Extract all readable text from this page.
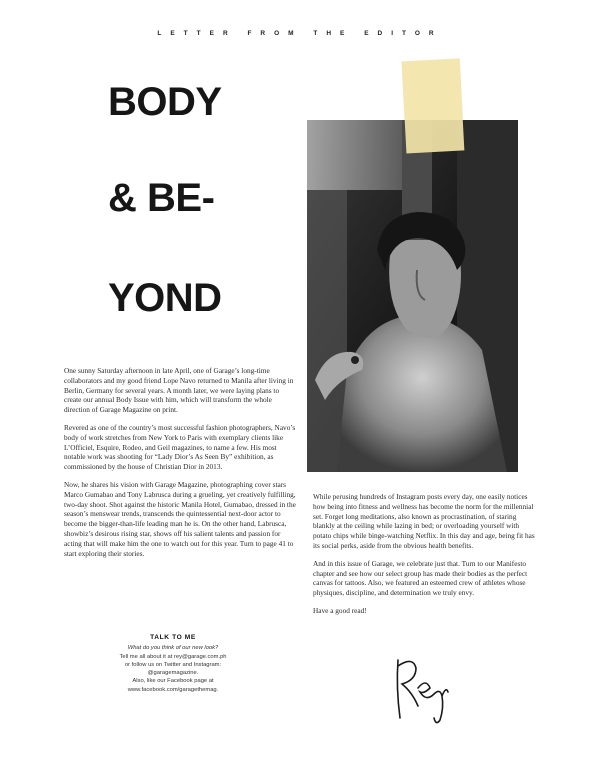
LETTER FROM THE EDITOR
BODY
& BE-
YOND

One sunny Saturday afternoon in late April, one of Garage’s long-time collaborators and my good friend Lope Navo returned to Manila after living in Berlin, Germany for several years. A month later, we were laying plans to create our annual Body Issue with him, which will transform the whole direction of Garage Magazine on print.

Revered as one of the country’s most successful fashion photographers, Navo’s body of work stretches from New York to Paris with exemplary clients like L’Officiel, Esquire, Rodeo, and Geil magazines, to name a few. His most notable work was shooting for “Lady Dior’s As Seen By” exhibition, as commissioned by the house of Christian Dior in 2013.

Now, he shares his vision with Garage Magazine, photographing cover stars Marco Gumabao and Tony Labrusca during a grueling, yet creatively fulfilling, two-day shoot. Shot against the historic Manila Hotel, Gumabao, dressed in the season’s menswear trends, transcends the quintessential next-door actor to become the bigger-than-life leading man he is. On the other hand, Labrusca, showbiz’s desirous rising star, shows off his salient talents and passion for acting that will make him the one to watch out for this year. Turn to page 41 to start exploring their stories.

While perusing hundreds of Instagram posts every day, one easily notices how being into fitness and wellness has become the norm for the millennial set. Forget long meditations, also known as procrastination, of staring blankly at the ceiling while lazing in bed; or overloading yourself with potato chips while binge-watching Netflix. In this day and age, being fit has its social perks, aside from the obvious health benefits.

And in this issue of Garage, we celebrate just that. Turn to our Manifesto chapter and see how our select group has made their bodies as the perfect canvas for tattoos. Also, we featured an esteemed crew of athletes whose physiques, discipline, and determination we truly envy.

Have a good read!

TALK TO ME
What do you think of our new look?
Tell me all about it at rey@garage.com.ph
or follow us on Twitter and Instagram:
@garagemagazine.
Also, like our Facebook page at
www.facebook.com/garagethemag.
